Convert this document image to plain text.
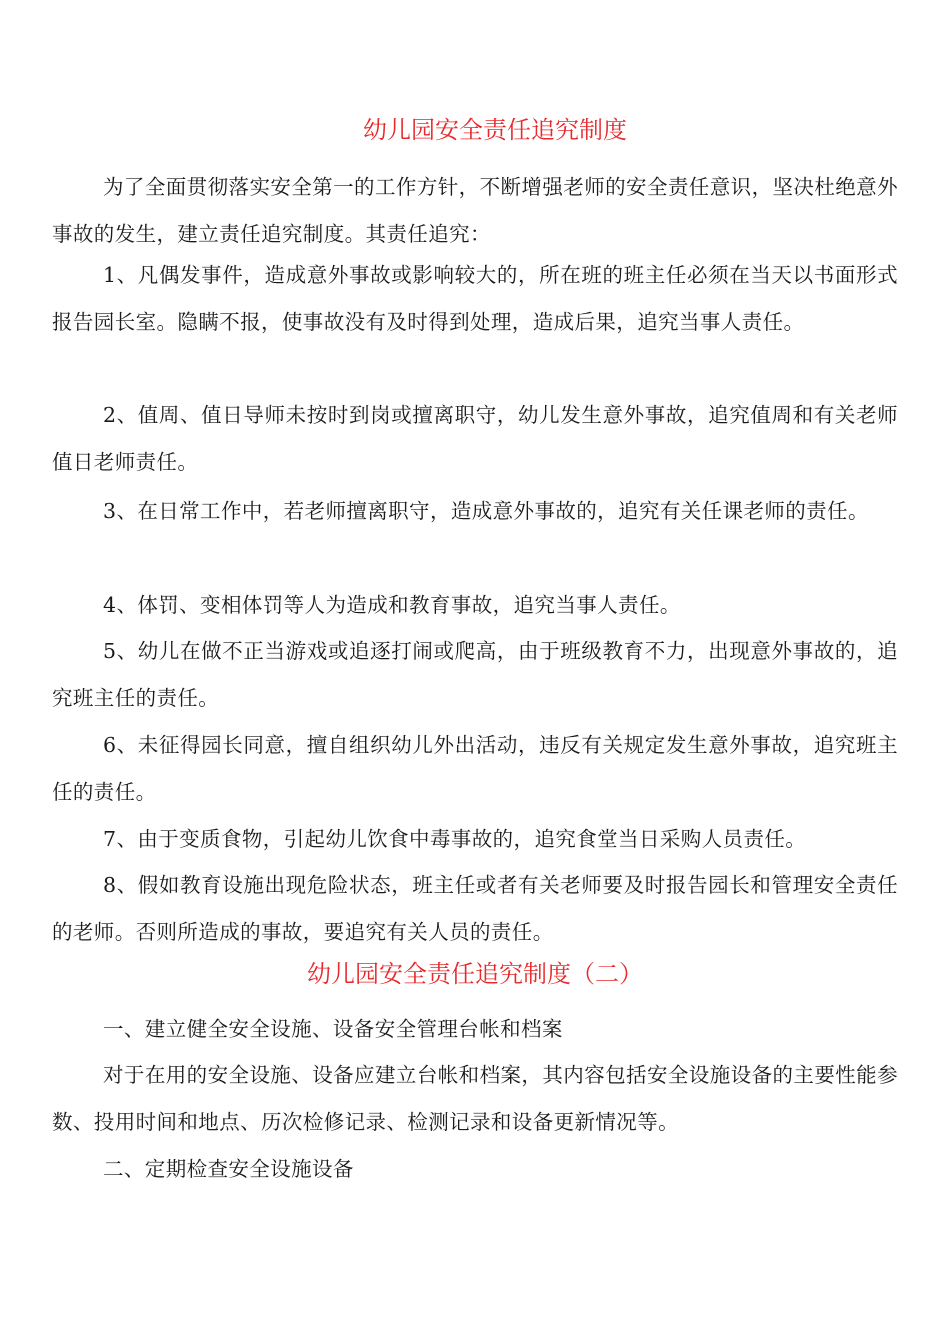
幼儿园安全责任追究制度

为了全面贯彻落实安全第一的工作方针，不断增强老师的安全责任意识，坚决杜绝意外事故的发生，建立责任追究制度。其责任追究：

1、凡偶发事件，造成意外事故或影响较大的，所在班的班主任必须在当天以书面形式报告园长室。隐瞒不报，使事故没有及时得到处理，造成后果，追究当事人责任。

2、值周、值日导师未按时到岗或擅离职守，幼儿发生意外事故，追究值周和有关老师值日老师责任。

3、在日常工作中，若老师擅离职守，造成意外事故的，追究有关任课老师的责任。

4、体罚、变相体罚等人为造成和教育事故，追究当事人责任。

5、幼儿在做不正当游戏或追逐打闹或爬高，由于班级教育不力，出现意外事故的，追究班主任的责任。

6、未征得园长同意，擅自组织幼儿外出活动，违反有关规定发生意外事故，追究班主任的责任。

7、由于变质食物，引起幼儿饮食中毒事故的，追究食堂当日采购人员责任。

8、假如教育设施出现危险状态，班主任或者有关老师要及时报告园长和管理安全责任的老师。否则所造成的事故，要追究有关人员的责任。

幼儿园安全责任追究制度（二）

一、建立健全安全设施、设备安全管理台帐和档案

对于在用的安全设施、设备应建立台帐和档案，其内容包括安全设施设备的主要性能参数、投用时间和地点、历次检修记录、检测记录和设备更新情况等。

二、定期检查安全设施设备
